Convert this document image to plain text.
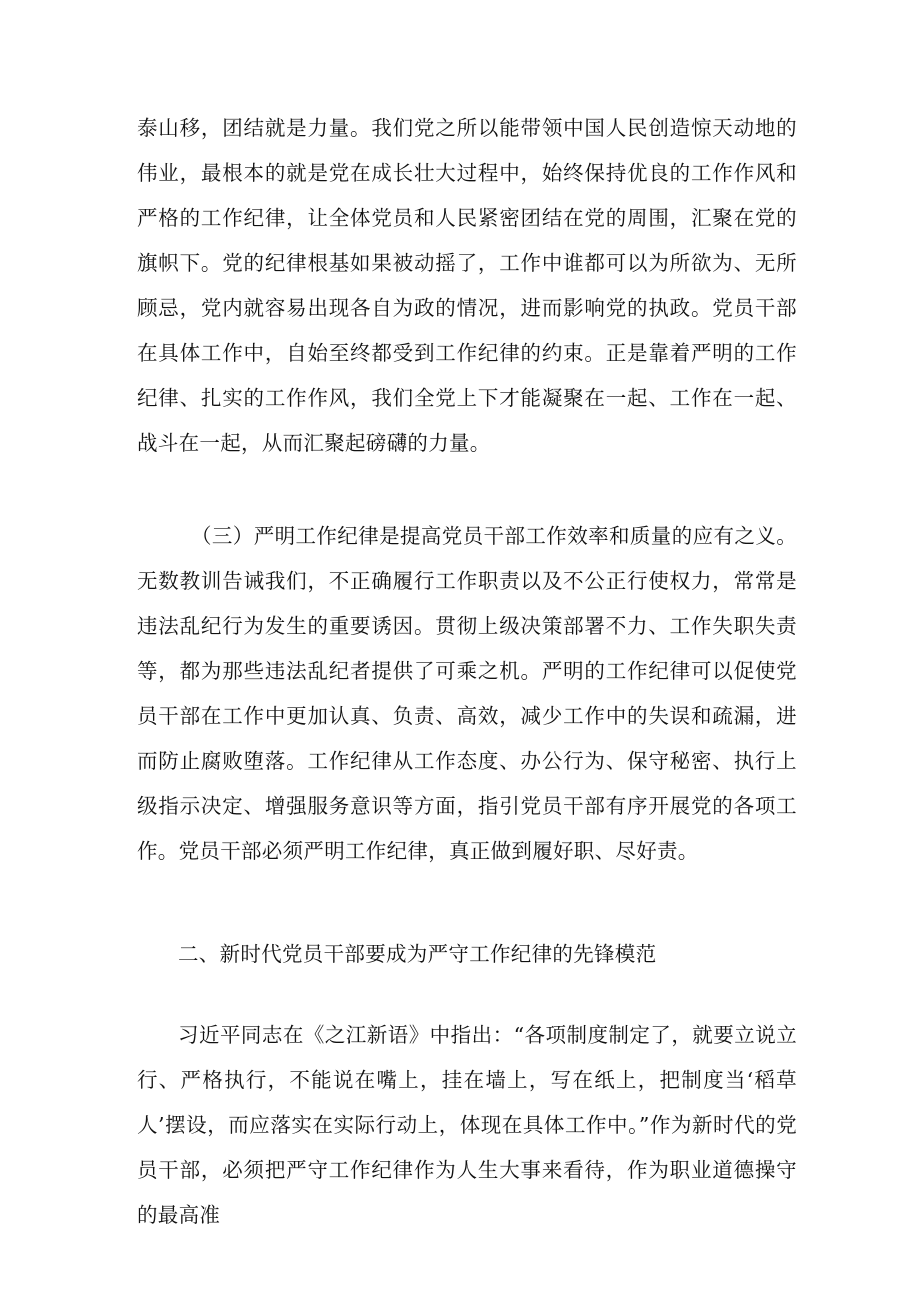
泰山移，团结就是力量。我们党之所以能带领中国人民创造惊天动地的伟业，最根本的就是党在成长壮大过程中，始终保持优良的工作作风和严格的工作纪律，让全体党员和人民紧密团结在党的周围，汇聚在党的旗帜下。党的纪律根基如果被动摇了，工作中谁都可以为所欲为、无所顾忌，党内就容易出现各自为政的情况，进而影响党的执政。党员干部在具体工作中，自始至终都受到工作纪律的约束。正是靠着严明的工作纪律、扎实的工作作风，我们全党上下才能凝聚在一起、工作在一起、战斗在一起，从而汇聚起磅礴的力量。

（三）严明工作纪律是提高党员干部工作效率和质量的应有之义。无数教训告诫我们，不正确履行工作职责以及不公正行使权力，常常是违法乱纪行为发生的重要诱因。贯彻上级决策部署不力、工作失职失责等，都为那些违法乱纪者提供了可乘之机。严明的工作纪律可以促使党员干部在工作中更加认真、负责、高效，减少工作中的失误和疏漏，进而防止腐败堕落。工作纪律从工作态度、办公行为、保守秘密、执行上级指示决定、增强服务意识等方面，指引党员干部有序开展党的各项工作。党员干部必须严明工作纪律，真正做到履好职、尽好责。

二、新时代党员干部要成为严守工作纪律的先锋模范

习近平同志在《之江新语》中指出：“各项制度制定了，就要立说立行、严格执行，不能说在嘴上，挂在墙上，写在纸上，把制度当‘稻草人’摆设，而应落实在实际行动上，体现在具体工作中。”作为新时代的党员干部，必须把严守工作纪律作为人生大事来看待，作为职业道德操守的最高准
